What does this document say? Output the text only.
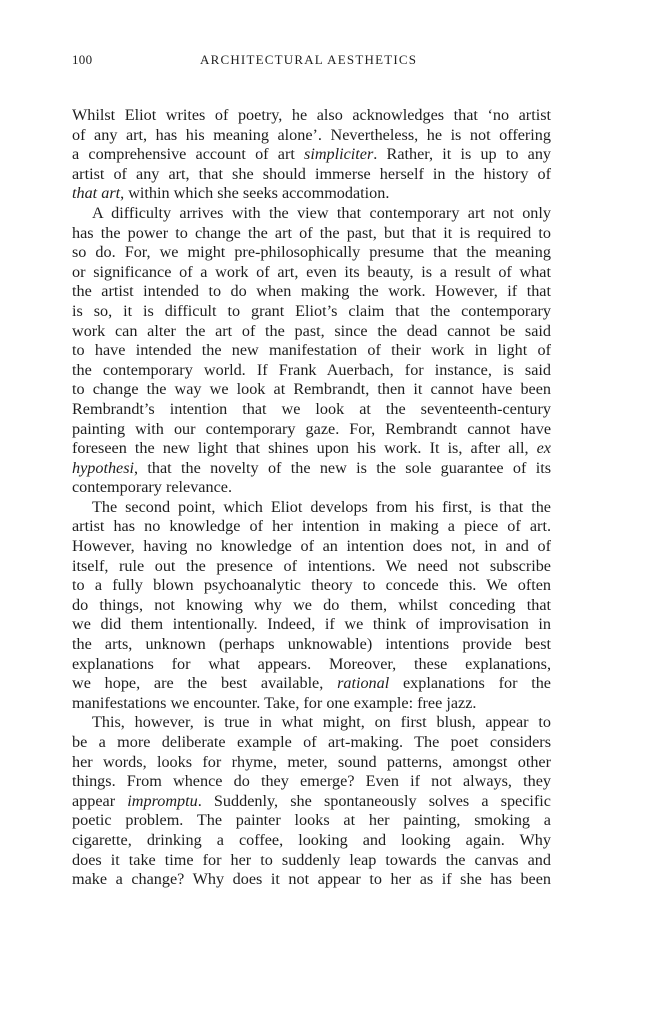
100	ARCHITECTURAL AESTHETICS
Whilst Eliot writes of poetry, he also acknowledges that ‘no artist
of any art, has his meaning alone’. Nevertheless, he is not offering
a comprehensive account of art simpliciter. Rather, it is up to any
artist of any art, that she should immerse herself in the history of
that art, within which she seeks accommodation.
A difficulty arrives with the view that contemporary art not only
has the power to change the art of the past, but that it is required to
so do. For, we might pre-philosophically presume that the meaning
or significance of a work of art, even its beauty, is a result of what
the artist intended to do when making the work. However, if that
is so, it is difficult to grant Eliot’s claim that the contemporary
work can alter the art of the past, since the dead cannot be said
to have intended the new manifestation of their work in light of
the contemporary world. If Frank Auerbach, for instance, is said
to change the way we look at Rembrandt, then it cannot have been
Rembrandt’s intention that we look at the seventeenth-century
painting with our contemporary gaze. For, Rembrandt cannot have
foreseen the new light that shines upon his work. It is, after all, ex
hypothesi, that the novelty of the new is the sole guarantee of its
contemporary relevance.
The second point, which Eliot develops from his first, is that the
artist has no knowledge of her intention in making a piece of art.
However, having no knowledge of an intention does not, in and of
itself, rule out the presence of intentions. We need not subscribe
to a fully blown psychoanalytic theory to concede this. We often
do things, not knowing why we do them, whilst conceding that
we did them intentionally. Indeed, if we think of improvisation in
the arts, unknown (perhaps unknowable) intentions provide best
explanations for what appears. Moreover, these explanations,
we hope, are the best available, rational explanations for the
manifestations we encounter. Take, for one example: free jazz.
This, however, is true in what might, on first blush, appear to
be a more deliberate example of art-making. The poet considers
her words, looks for rhyme, meter, sound patterns, amongst other
things. From whence do they emerge? Even if not always, they
appear impromptu. Suddenly, she spontaneously solves a specific
poetic problem. The painter looks at her painting, smoking a
cigarette, drinking a coffee, looking and looking again. Why
does it take time for her to suddenly leap towards the canvas and
make a change? Why does it not appear to her as if she has been
